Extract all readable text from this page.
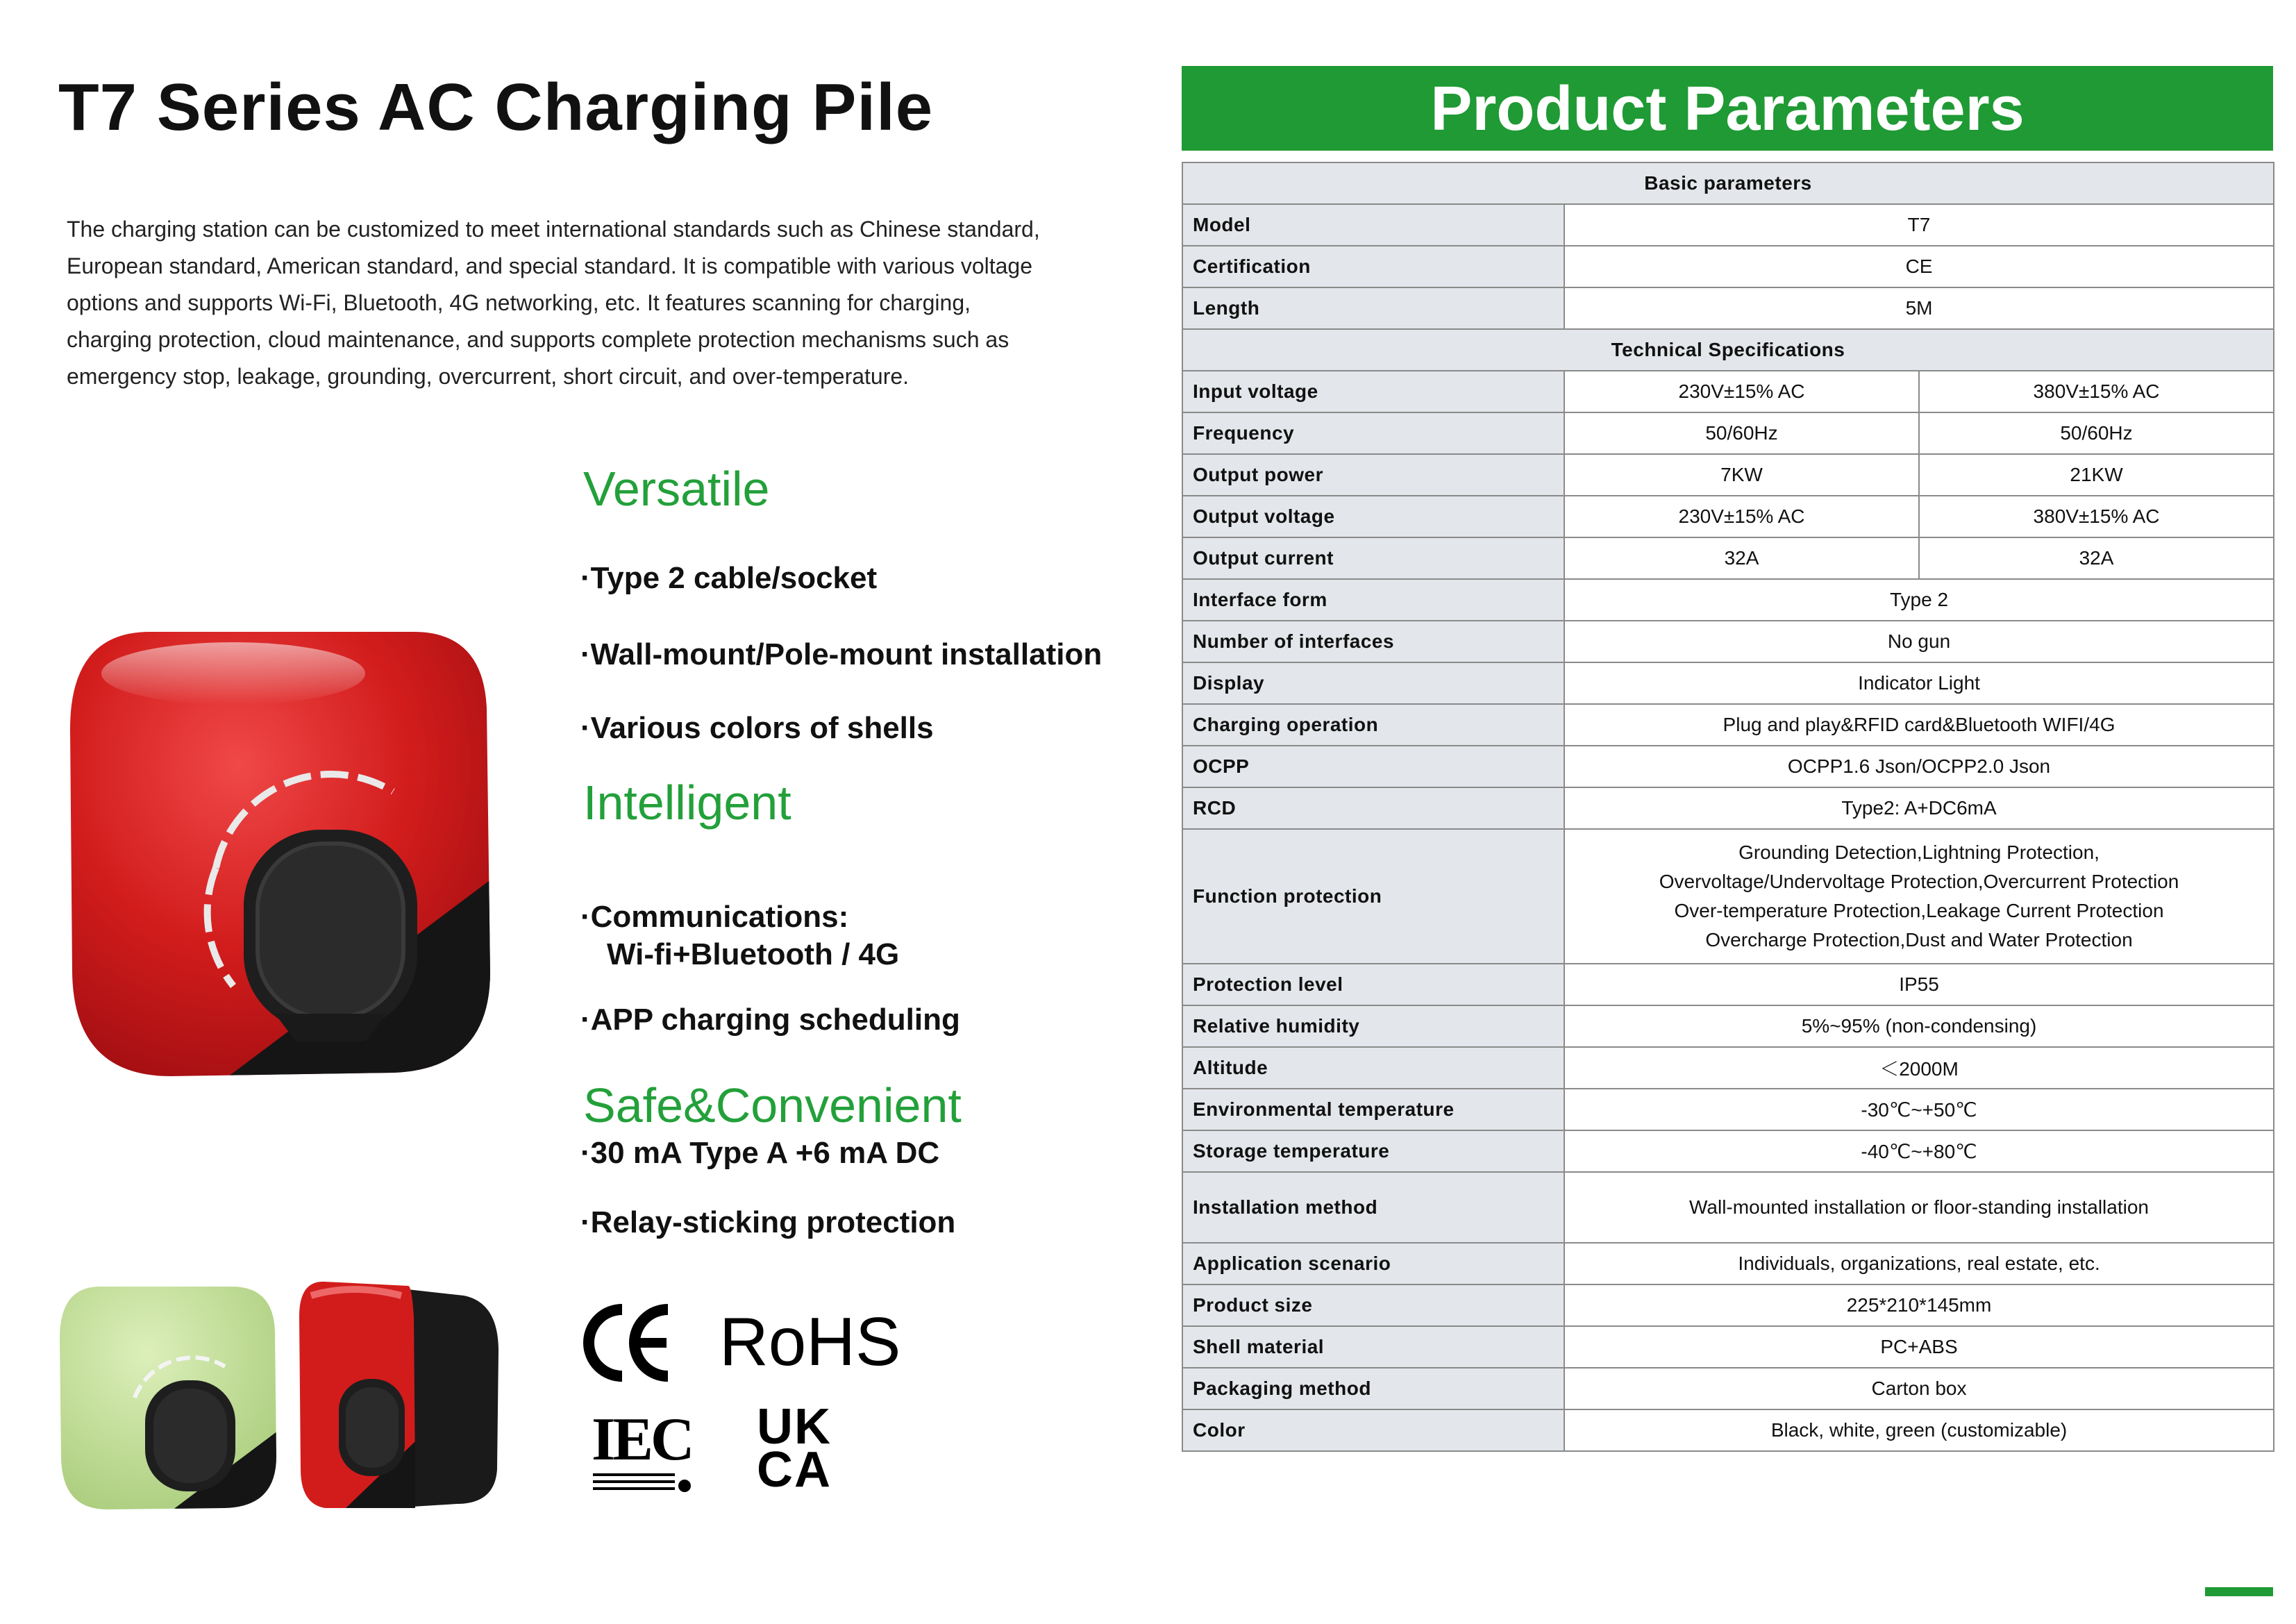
T7 Series AC Charging Pile
The charging station can be customized to meet international standards such as Chinese standard, European standard, American standard, and special standard. It is compatible with various voltage options and supports Wi-Fi, Bluetooth, 4G networking, etc. It features scanning for charging, charging protection, cloud maintenance, and supports complete protection mechanisms such as emergency stop, leakage, grounding, overcurrent, short circuit, and over-temperature.
Versatile
·Type 2 cable/socket
·Wall-mount/Pole-mount installation
·Various colors of shells
Intelligent
·Communications:
Wi-fi+Bluetooth / 4G
·APP charging scheduling
Safe&Convenient
·30 mA Type A +6 mA DC
·Relay-sticking protection
RoHS
IEC UK
CA
Product Parameters
Basic parameters		
Model	T7	
Certification	CE	
Length	5M	
Technical Specifications		
Input voltage	230V±15% AC	380V±15% AC
Frequency	50/60Hz	50/60Hz
Output power	7KW	21KW
Output voltage	230V±15% AC	380V±15% AC
Output current	32A	32A
Interface form	Type 2	
Number of interfaces	No gun	
Display	Indicator Light	
Charging operation	Plug and play&RFID card&Bluetooth WIFI/4G	
OCPP	OCPP1.6 Json/OCPP2.0 Json	
RCD	Type2: A+DC6mA	
Function protection	Grounding Detection,Lightning Protection,
Overvoltage/Undervoltage Protection,Overcurrent Protection
Over-temperature Protection,Leakage Current Protection
Overcharge Protection,Dust and Water Protection	

Protection level	IP55	
Relative humidity	5%~95% (non-condensing)	
Altitude	＜2000M	
Environmental temperature	-30℃~+50℃	
Storage temperature	-40℃~+80℃	
Installation method	Wall-mounted installation or floor-standing installation	
Application scenario	Individuals, organizations, real estate, etc.	
Product size	225*210*145mm	
Shell material	PC+ABS	
Packaging method	Carton box	
Color	Black, white, green (customizable)	
